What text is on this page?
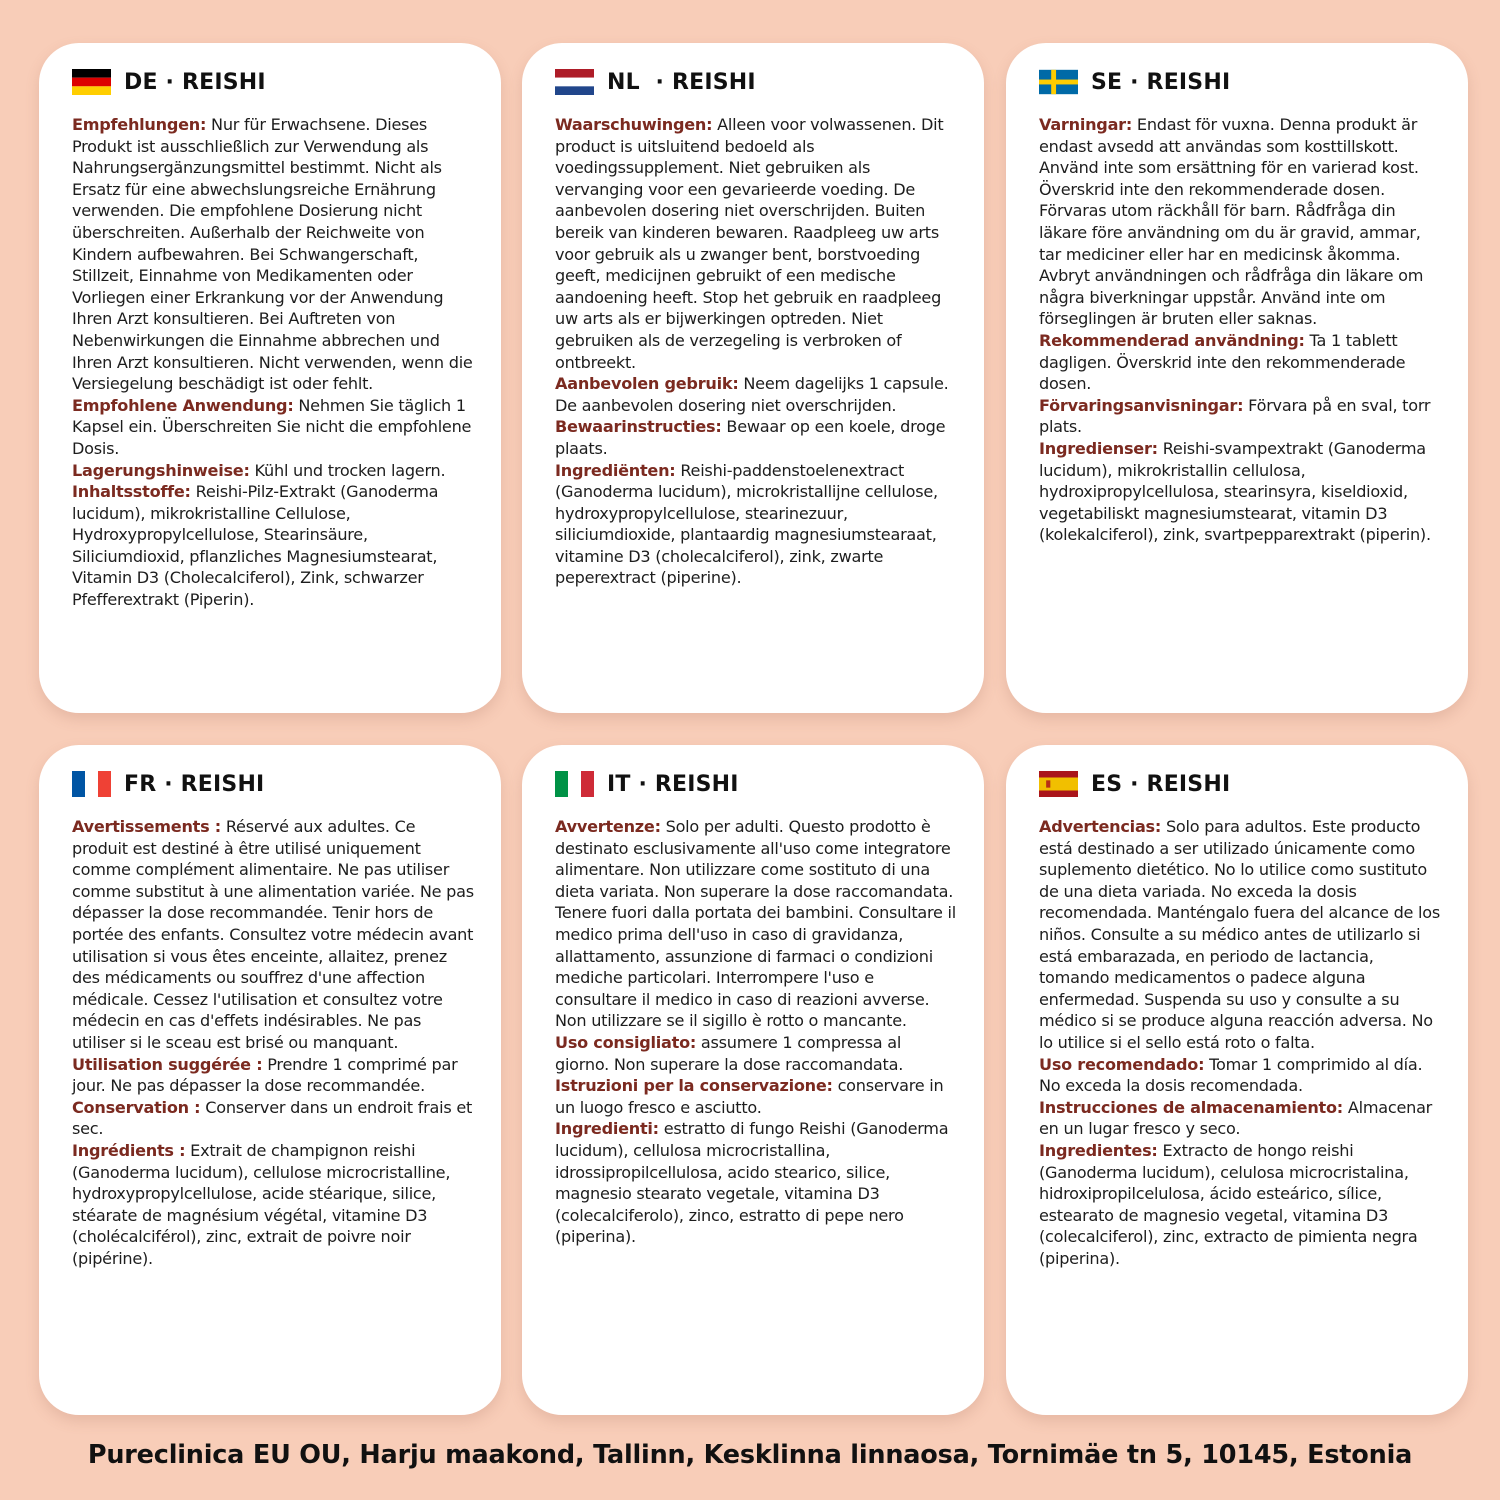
DE · REISHI

Empfehlungen: Nur für Erwachsene. Dieses Produkt ist ausschließlich zur Verwendung als Nahrungsergänzungsmittel bestimmt. Nicht als Ersatz für eine abwechslungsreiche Ernährung verwenden. Die empfohlene Dosierung nicht überschreiten. Außerhalb der Reichweite von Kindern aufbewahren. Bei Schwangerschaft, Stillzeit, Einnahme von Medikamenten oder Vorliegen einer Erkrankung vor der Anwendung Ihren Arzt konsultieren. Bei Auftreten von Nebenwirkungen die Einnahme abbrechen und Ihren Arzt konsultieren. Nicht verwenden, wenn die Versiegelung beschädigt ist oder fehlt.

Empfohlene Anwendung: Nehmen Sie täglich 1 Kapsel ein. Überschreiten Sie nicht die empfohlene Dosis.

Lagerungshinweise: Kühl und trocken lagern.

Inhaltsstoffe: Reishi-Pilz-Extrakt (Ganoderma lucidum), mikrokristalline Cellulose, Hydroxypropylcellulose, Stearinsäure, Siliciumdioxid, pflanzliches Magnesiumstearat, Vitamin D3 (Cholecalciferol), Zink, schwarzer Pfefferextrakt (Piperin).

NL  · REISHI

Waarschuwingen: Alleen voor volwassenen. Dit product is uitsluitend bedoeld als voedingssupplement. Niet gebruiken als vervanging voor een gevarieerde voeding. De aanbevolen dosering niet overschrijden. Buiten bereik van kinderen bewaren. Raadpleeg uw arts voor gebruik als u zwanger bent, borstvoeding geeft, medicijnen gebruikt of een medische aandoening heeft. Stop het gebruik en raadpleeg uw arts als er bijwerkingen optreden. Niet gebruiken als de verzegeling is verbroken of ontbreekt.

Aanbevolen gebruik: Neem dagelijks 1 capsule. De aanbevolen dosering niet overschrijden.

Bewaarinstructies: Bewaar op een koele, droge plaats.

Ingrediënten: Reishi-paddenstoelenextract (Ganoderma lucidum), microkristallijne cellulose, hydroxypropylcellulose, stearinezuur, siliciumdioxide, plantaardig magnesiumstearaat, vitamine D3 (cholecalciferol), zink, zwarte peperextract (piperine).

SE · REISHI

Varningar: Endast för vuxna. Denna produkt är endast avsedd att användas som kosttillskott. Använd inte som ersättning för en varierad kost. Överskrid inte den rekommenderade dosen. Förvaras utom räckhåll för barn. Rådfråga din läkare före användning om du är gravid, ammar, tar mediciner eller har en medicinsk åkomma. Avbryt användningen och rådfråga din läkare om några biverkningar uppstår. Använd inte om förseglingen är bruten eller saknas.

Rekommenderad användning: Ta 1 tablett dagligen. Överskrid inte den rekommenderade dosen.

Förvaringsanvisningar: Förvara på en sval, torr plats.

Ingredienser: Reishi-svampextrakt (Ganoderma lucidum), mikrokristallin cellulosa, hydroxipropylcellulosa, stearinsyra, kiseldioxid, vegetabiliskt magnesiumstearat, vitamin D3 (kolekalciferol), zink, svartpepparextrakt (piperin).

FR · REISHI

Avertissements : Réservé aux adultes. Ce produit est destiné à être utilisé uniquement comme complément alimentaire. Ne pas utiliser comme substitut à une alimentation variée. Ne pas dépasser la dose recommandée. Tenir hors de portée des enfants. Consultez votre médecin avant utilisation si vous êtes enceinte, allaitez, prenez des médicaments ou souffrez d'une affection médicale. Cessez l'utilisation et consultez votre médecin en cas d'effets indésirables. Ne pas utiliser si le sceau est brisé ou manquant.

Utilisation suggérée : Prendre 1 comprimé par jour. Ne pas dépasser la dose recommandée.

Conservation : Conserver dans un endroit frais et sec.

Ingrédients : Extrait de champignon reishi (Ganoderma lucidum), cellulose microcristalline, hydroxypropylcellulose, acide stéarique, silice, stéarate de magnésium végétal, vitamine D3 (cholécalciférol), zinc, extrait de poivre noir (pipérine).

IT · REISHI

Avvertenze: Solo per adulti. Questo prodotto è destinato esclusivamente all'uso come integratore alimentare. Non utilizzare come sostituto di una dieta variata. Non superare la dose raccomandata. Tenere fuori dalla portata dei bambini. Consultare il medico prima dell'uso in caso di gravidanza, allattamento, assunzione di farmaci o condizioni mediche particolari. Interrompere l'uso e consultare il medico in caso di reazioni avverse. Non utilizzare se il sigillo è rotto o mancante.

Uso consigliato: assumere 1 compressa al giorno. Non superare la dose raccomandata.

Istruzioni per la conservazione: conservare in un luogo fresco e asciutto.

Ingredienti: estratto di fungo Reishi (Ganoderma lucidum), cellulosa microcristallina, idrossipropilcellulosa, acido stearico, silice, magnesio stearato vegetale, vitamina D3 (colecalciferolo), zinco, estratto di pepe nero (piperina).

ES · REISHI

Advertencias: Solo para adultos. Este producto está destinado a ser utilizado únicamente como suplemento dietético. No lo utilice como sustituto de una dieta variada. No exceda la dosis recomendada. Manténgalo fuera del alcance de los niños. Consulte a su médico antes de utilizarlo si está embarazada, en periodo de lactancia, tomando medicamentos o padece alguna enfermedad. Suspenda su uso y consulte a su médico si se produce alguna reacción adversa. No lo utilice si el sello está roto o falta.

Uso recomendado: Tomar 1 comprimido al día. No exceda la dosis recomendada.

Instrucciones de almacenamiento: Almacenar en un lugar fresco y seco.

Ingredientes: Extracto de hongo reishi (Ganoderma lucidum), celulosa microcristalina, hidroxipropilcelulosa, ácido esteárico, sílice, estearato de magnesio vegetal, vitamina D3 (colecalciferol), zinc, extracto de pimienta negra (piperina).

Pureclinica EU OU, Harju maakond, Tallinn, Kesklinna linnaosa, Tornimäe tn 5, 10145, Estonia
